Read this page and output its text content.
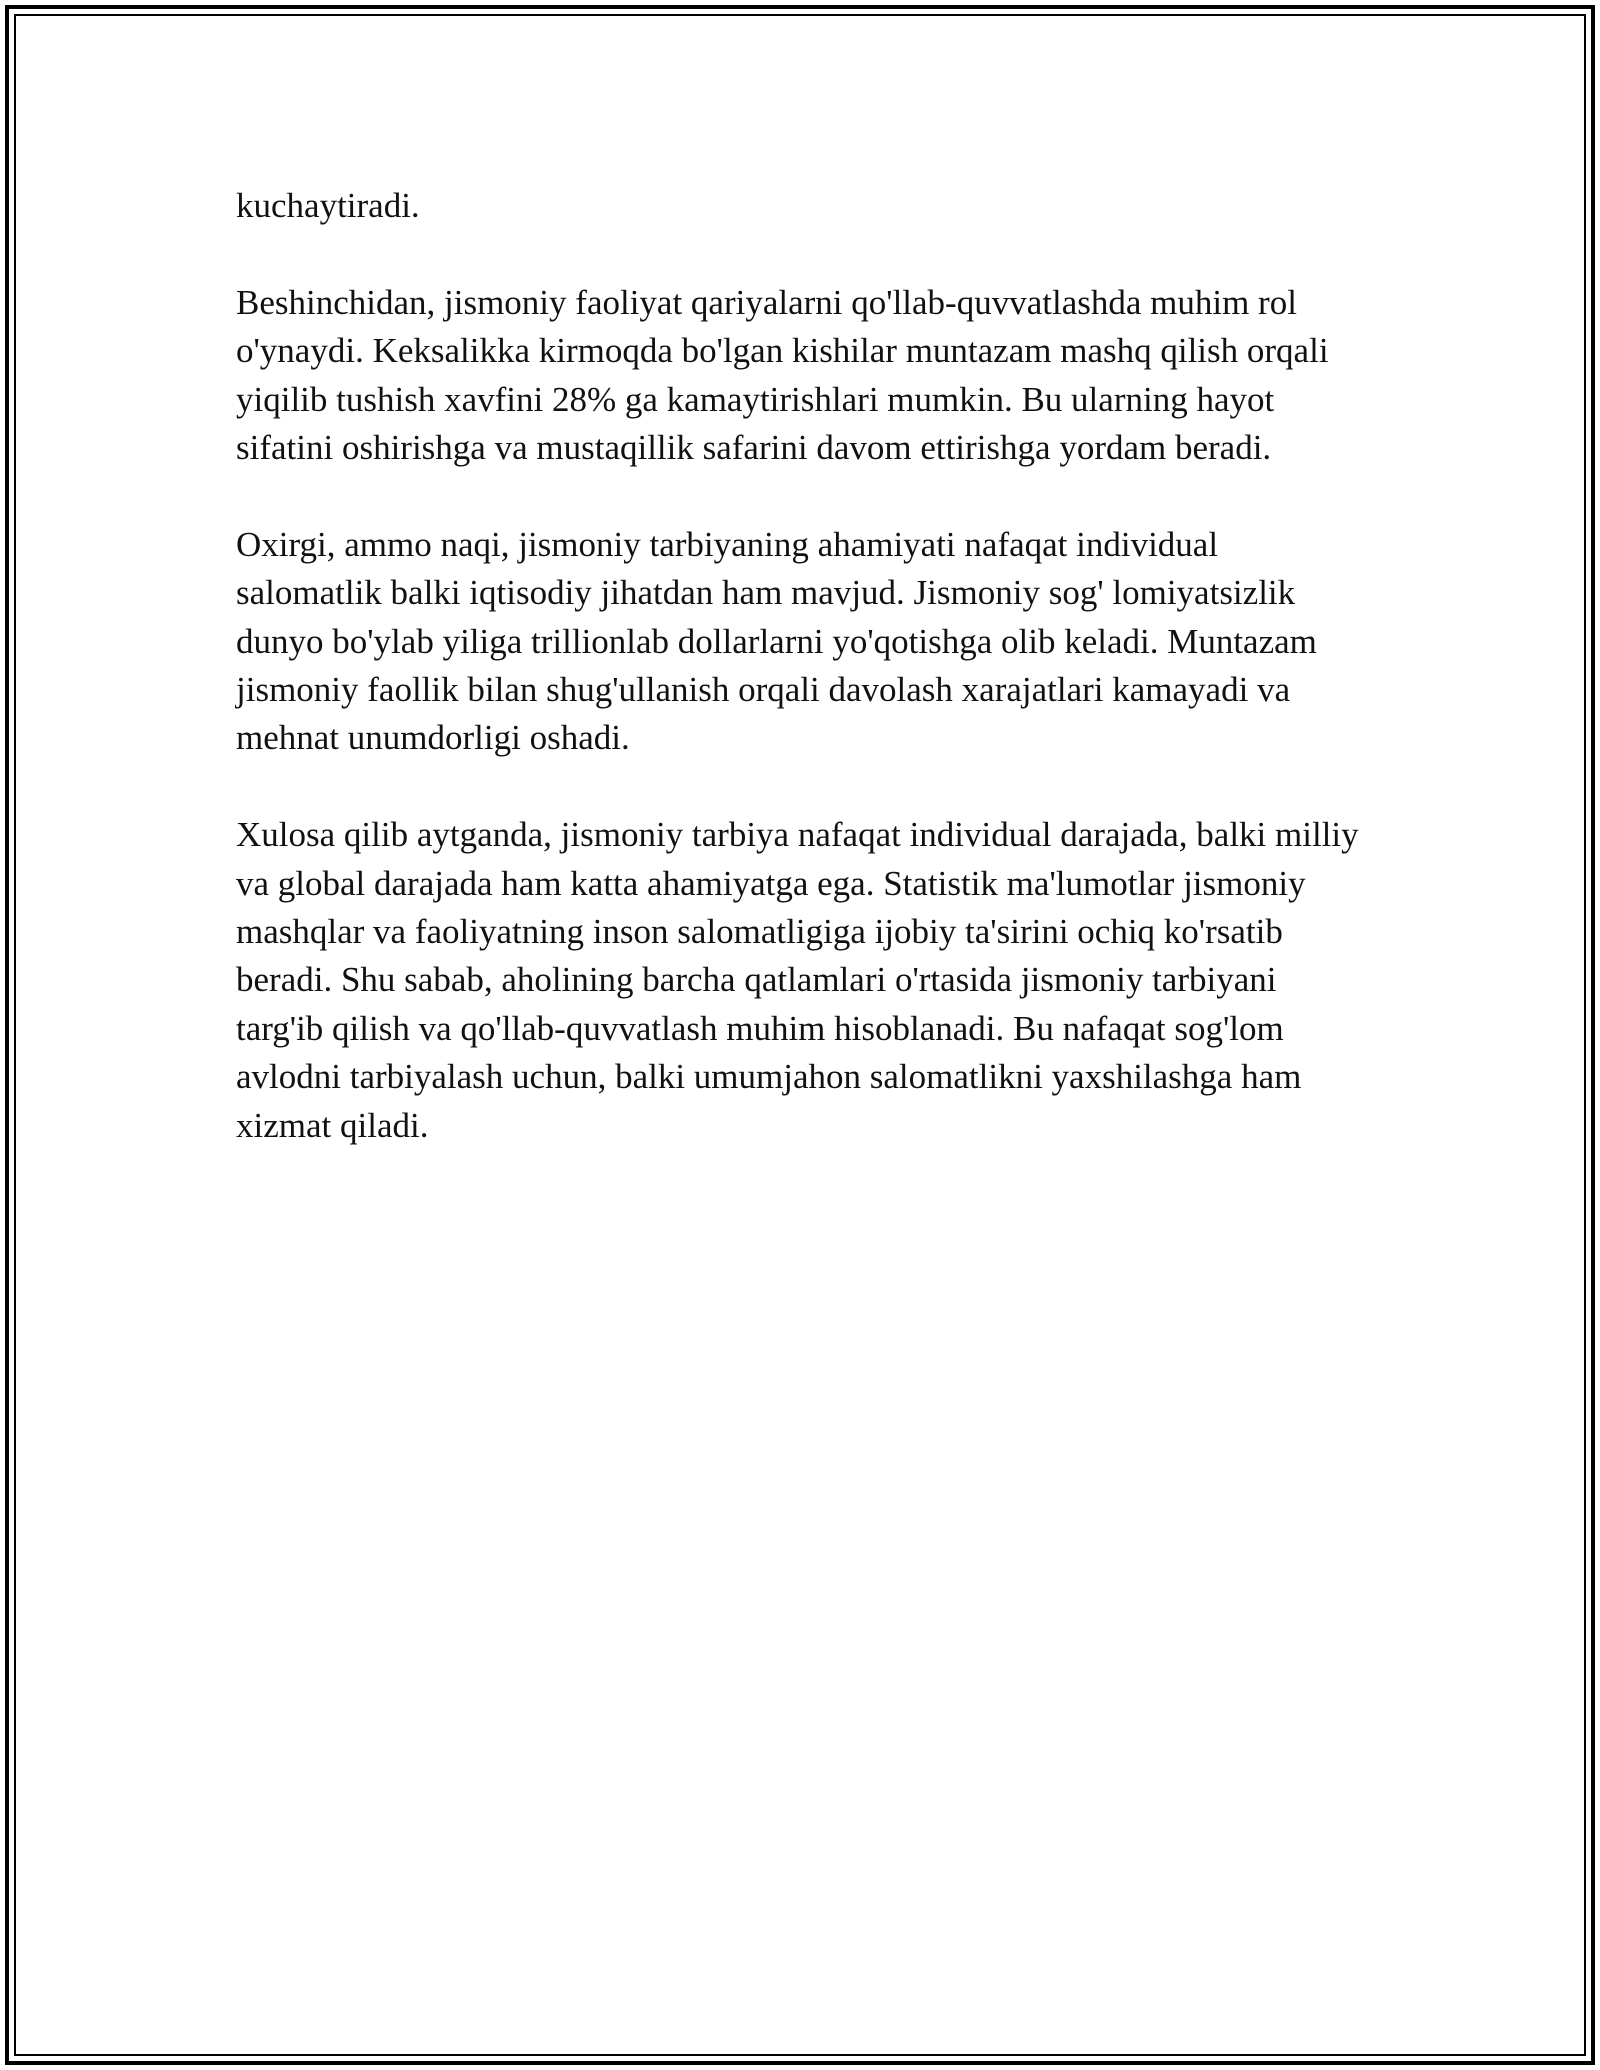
kuchaytiradi.

Beshinchidan, jismoniy faoliyat qariyalarni qo'llab-quvvatlashda muhim rol o'ynaydi. Keksalikka kirmoqda bo'lgan kishilar muntazam mashq qilish orqali yiqilib tushish xavfini 28% ga kamaytirishlari mumkin. Bu ularning hayot sifatini oshirishga va mustaqillik safarini davom ettirishga yordam beradi.

Oxirgi, ammo naqi, jismoniy tarbiyaning ahamiyati nafaqat individual salomatlik balki iqtisodiy jihatdan ham mavjud. Jismoniy sog' lomiyatsizlik dunyo bo'ylab yiliga trillionlab dollarlarni yo'qotishga olib keladi. Muntazam jismoniy faollik bilan shug'ullanish orqali davolash xarajatlari kamayadi va mehnat unumdorligi oshadi.

Xulosa qilib aytganda, jismoniy tarbiya nafaqat individual darajada, balki milliy va global darajada ham katta ahamiyatga ega. Statistik ma'lumotlar jismoniy mashqlar va faoliyatning inson salomatligiga ijobiy ta'sirini ochiq ko'rsatib beradi. Shu sabab, aholining barcha qatlamlari o'rtasida jismoniy tarbiyani targ'ib qilish va qo'llab-quvvatlash muhim hisoblanadi. Bu nafaqat sog'lom avlodni tarbiyalash uchun, balki umumjahon salomatlikni yaxshilashga ham xizmat qiladi.
